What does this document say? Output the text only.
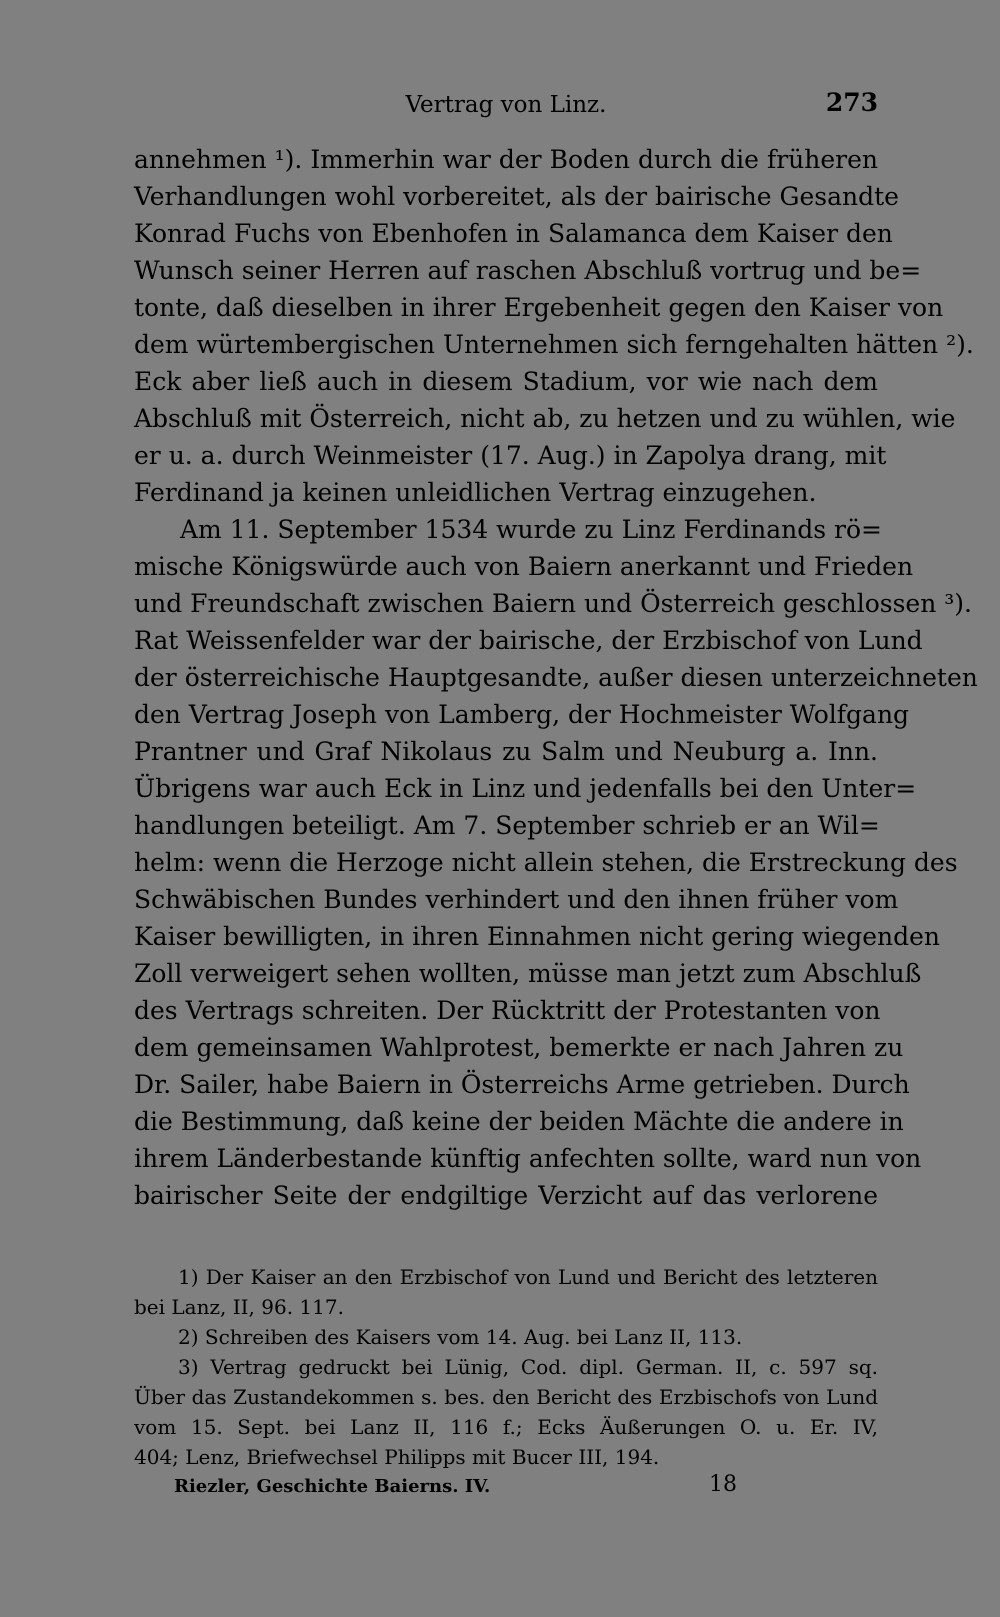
Vertrag von Linz.	273
annehmen ¹). Immerhin war der Boden durch die früheren
Verhandlungen wohl vorbereitet, als der bairische Gesandte
Konrad Fuchs von Ebenhofen in Salamanca dem Kaiser den
Wunsch seiner Herren auf raschen Abschluß vortrug und be=
tonte, daß dieselben in ihrer Ergebenheit gegen den Kaiser von
dem würtembergischen Unternehmen sich ferngehalten hätten ²).
Eck aber ließ auch in diesem Stadium, vor wie nach dem
Abschluß mit Österreich, nicht ab, zu hetzen und zu wühlen, wie
er u. a. durch Weinmeister (17. Aug.) in Zapolya drang, mit
Ferdinand ja keinen unleidlichen Vertrag einzugehen.
Am 11. September 1534 wurde zu Linz Ferdinands rö=
mische Königswürde auch von Baiern anerkannt und Frieden
und Freundschaft zwischen Baiern und Österreich geschlossen ³).
Rat Weissenfelder war der bairische, der Erzbischof von Lund
der österreichische Hauptgesandte, außer diesen unterzeichneten
den Vertrag Joseph von Lamberg, der Hochmeister Wolfgang
Prantner und Graf Nikolaus zu Salm und Neuburg a. Inn.
Übrigens war auch Eck in Linz und jedenfalls bei den Unter=
handlungen beteiligt. Am 7. September schrieb er an Wil=
helm: wenn die Herzoge nicht allein stehen, die Erstreckung des
Schwäbischen Bundes verhindert und den ihnen früher vom
Kaiser bewilligten, in ihren Einnahmen nicht gering wiegenden
Zoll verweigert sehen wollten, müsse man jetzt zum Abschluß
des Vertrags schreiten. Der Rücktritt der Protestanten von
dem gemeinsamen Wahlprotest, bemerkte er nach Jahren zu
Dr. Sailer, habe Baiern in Österreichs Arme getrieben. Durch
die Bestimmung, daß keine der beiden Mächte die andere in
ihrem Länderbestande künftig anfechten sollte, ward nun von
bairischer Seite der endgiltige Verzicht auf das verlorene
1) Der Kaiser an den Erzbischof von Lund und Bericht des letzteren
bei Lanz, II, 96. 117.
2) Schreiben des Kaisers vom 14. Aug. bei Lanz II, 113.
3) Vertrag gedruckt bei Lünig, Cod. dipl. German. II, c. 597 sq.
Über das Zustandekommen s. bes. den Bericht des Erzbischofs von Lund
vom 15. Sept. bei Lanz II, 116 f.; Ecks Äußerungen O. u. Er. IV,
404; Lenz, Briefwechsel Philipps mit Bucer III, 194.
Riezler, Geschichte Baierns. IV.	18
